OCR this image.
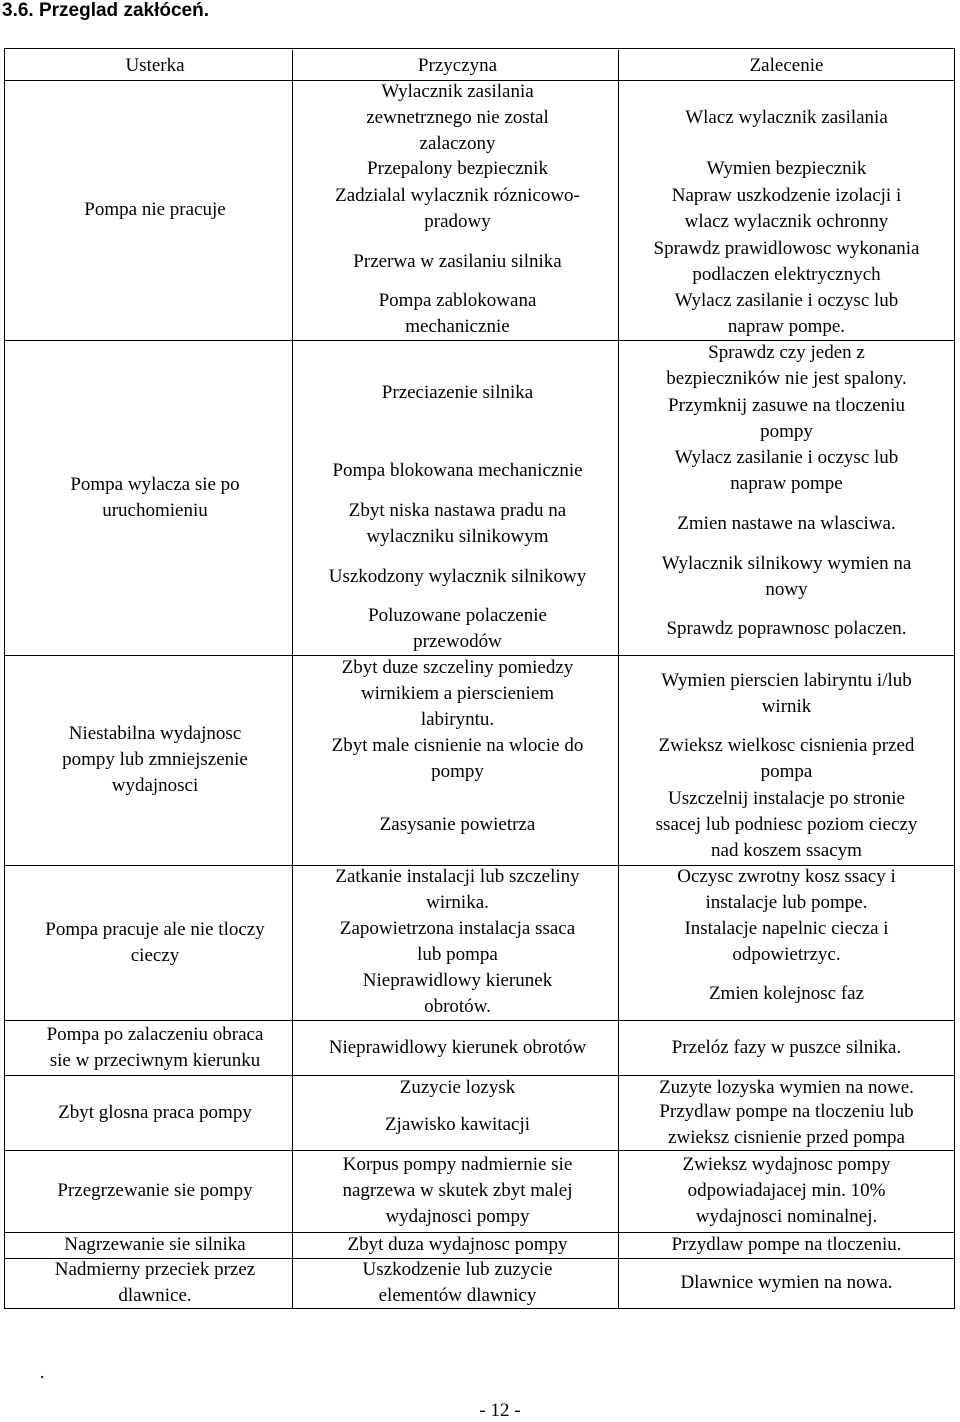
3.6. Przeglad zakłóceń.
Usterka	Przyczyna	Zalecenie
Pompa nie pracuje
Pompa wylacza sie po
uruchomieniu
Niestabilna wydajnosc
pompy lub zmniejszenie
wydajnosci
Pompa pracuje ale nie tloczy
cieczy
Pompa po zalaczeniu obraca
sie w przeciwnym kierunku
Zbyt glosna praca pompy
Przegrzewanie sie pompy
Nagrzewanie sie silnika
Nadmierny przeciek przez
dlawnice.
Wylacznik zasilania
zewnetrznego nie zostal
zalaczony
Przepalony bezpiecznik
Zadzialal wylacznik róznicowo-
pradowy
Przerwa w zasilaniu silnika
Pompa zablokowana
mechanicznie
Przeciazenie silnika
Pompa blokowana mechanicznie
Zbyt niska nastawa pradu na
wylaczniku silnikowym
Uszkodzony wylacznik silnikowy
Poluzowane polaczenie
przewodów
Zbyt duze szczeliny pomiedzy
wirnikiem a pierscieniem
labiryntu.
Zbyt male cisnienie na wlocie do
pompy
Zasysanie powietrza
Zatkanie instalacji lub szczeliny
wirnika.
Zapowietrzona instalacja ssaca
lub pompa
Nieprawidlowy kierunek
obrotów.
Nieprawidlowy kierunek obrotów
Zuzycie lozysk
Zjawisko kawitacji
Korpus pompy nadmiernie sie
nagrzewa w skutek zbyt malej
wydajnosci pompy
Zbyt duza wydajnosc pompy
Uszkodzenie lub zuzycie
elementów dlawnicy
Wlacz wylacznik zasilania
Wymien bezpiecznik
Napraw uszkodzenie izolacji i
wlacz wylacznik ochronny
Sprawdz prawidlowosc wykonania
podlaczen elektrycznych
Wylacz zasilanie i oczysc lub
napraw pompe.
Sprawdz czy jeden z
bezpieczników nie jest spalony.
Przymknij zasuwe na tloczeniu
pompy
Wylacz zasilanie i oczysc lub
napraw pompe
Zmien nastawe na wlasciwa.
Wylacznik silnikowy wymien na
nowy
Sprawdz poprawnosc polaczen.
Wymien pierscien labiryntu i/lub
wirnik
Zwieksz wielkosc cisnienia przed
pompa
Uszczelnij instalacje po stronie
ssacej lub podniesc poziom cieczy
nad koszem ssacym
Oczysc zwrotny kosz ssacy i
instalacje lub pompe.
Instalacje napelnic ciecza i
odpowietrzyc.
Zmien kolejnosc faz
Przelóz fazy w puszce silnika.
Zuzyte lozyska wymien na nowe.
Przydlaw pompe na tloczeniu lub
zwieksz cisnienie przed pompa
Zwieksz wydajnosc pompy
odpowiadajacej min. 10%
wydajnosci nominalnej.
Przydlaw pompe na tloczeniu.
Dlawnice wymien na nowa.
.
- 12 -
